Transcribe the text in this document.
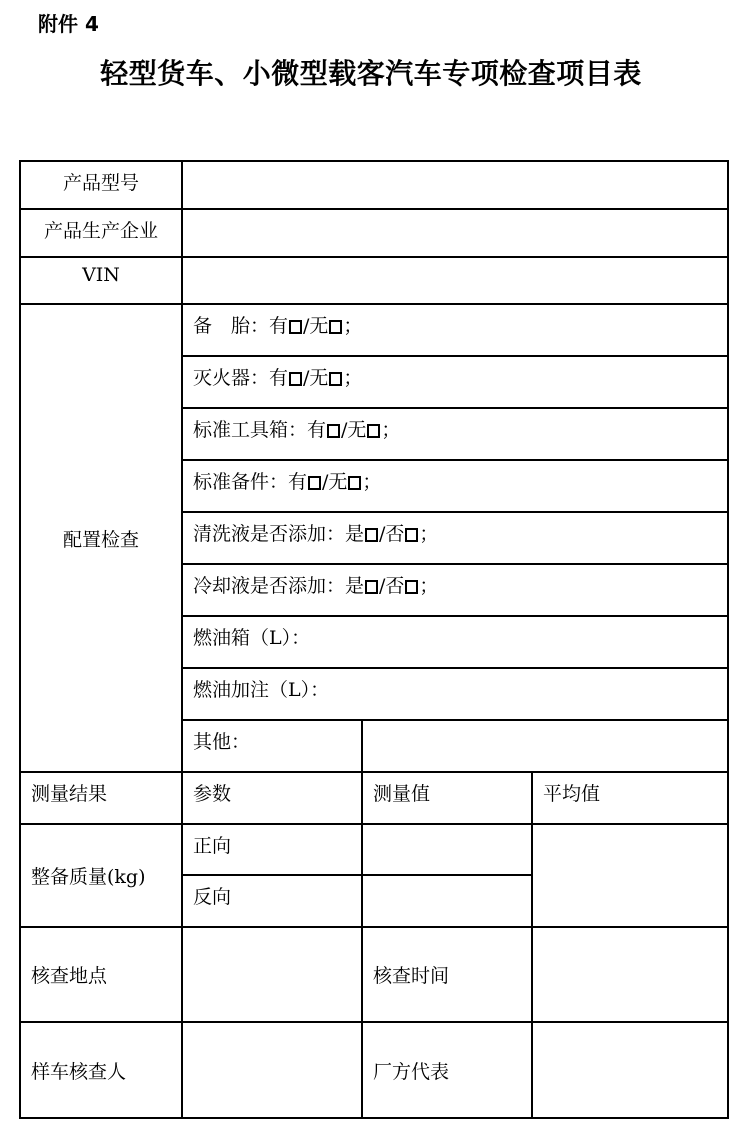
附件 4
轻型货车、小微型载客汽车专项检查项目表
产品型号			
产品生产企业			
VIN			
配置检查	备　胎：有 /无 ；		
	灭火器：有 /无 ；		
	标准工具箱：有 /无 ；		
	标准备件：有 /无 ；		
	清洗液是否添加：是 /否 ；		
	冷却液是否添加：是 /否 ；		
	燃油箱（L）：		
	燃油加注（L）：		
	其他：		
测量结果	参数	测量值	平均值
整备质量(kg)	正向		
	反向		
核查地点		核查时间	
样车核查人		厂方代表	
